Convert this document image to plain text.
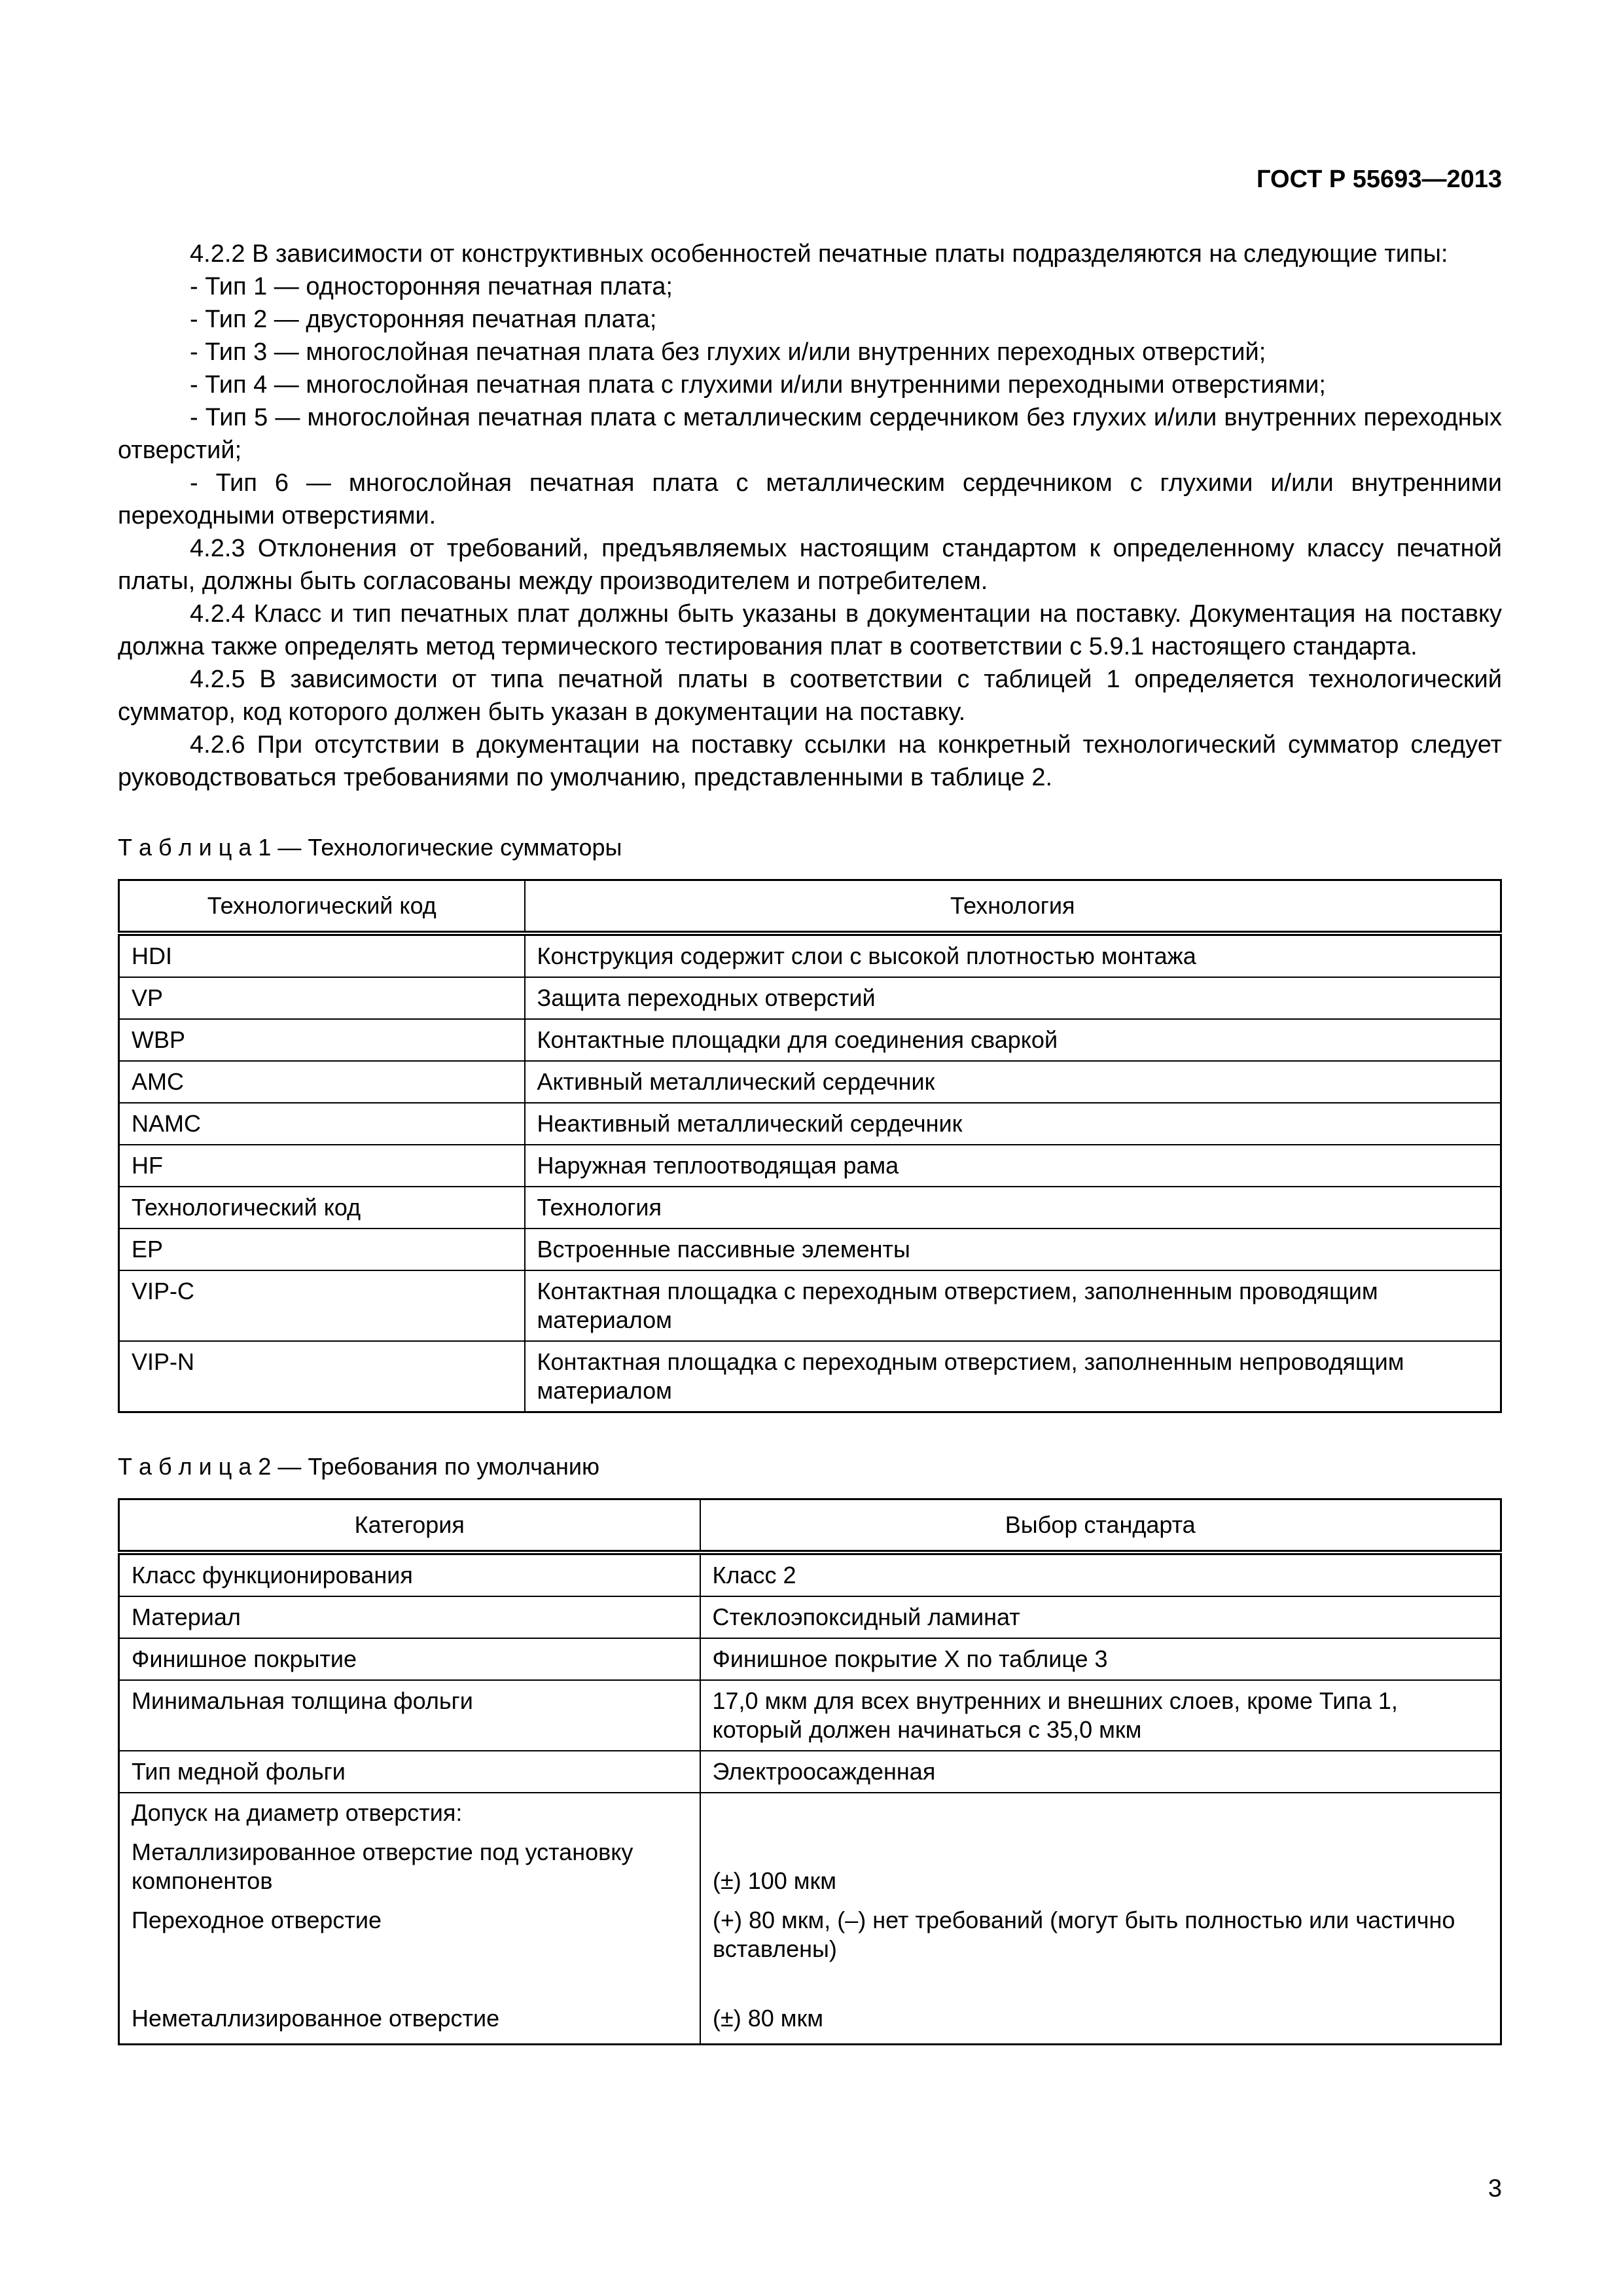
ГОСТ Р 55693—2013

4.2.2 В зависимости от конструктивных особенностей печатные платы подразделяются на следующие типы:

- Тип 1 — односторонняя печатная плата;

- Тип 2 — двусторонняя печатная плата;

- Тип 3 — многослойная печатная плата без глухих и/или внутренних переходных отверстий;

- Тип 4 — многослойная печатная плата с глухими и/или внутренними переходными отверстиями;

- Тип 5 — многослойная печатная плата с металлическим сердечником без глухих и/или внутренних переходных отверстий;

- Тип 6 — многослойная печатная плата с металлическим сердечником с глухими и/или внутренними переходными отверстиями.

4.2.3 Отклонения от требований, предъявляемых настоящим стандартом к определенному классу печатной платы, должны быть согласованы между производителем и потребителем.

4.2.4 Класс и тип печатных плат должны быть указаны в документации на поставку. Документация на поставку должна также определять метод термического тестирования плат в соответствии с 5.9.1 настоящего стандарта.

4.2.5 В зависимости от типа печатной платы в соответствии с таблицей 1 определяется технологический сумматор, код которого должен быть указан в документации на поставку.

4.2.6 При отсутствии в документации на поставку ссылки на конкретный технологический сумматор следует руководствоваться требованиями по умолчанию, представленными в таблице 2.

Т а б л и ц а 1 — Технологические сумматоры
Технологический код	Технология
HDI	Конструкция содержит слои с высокой плотностью монтажа
VP	Защита переходных отверстий
WBP	Контактные площадки для соединения сваркой
AMC	Активный металлический сердечник
NAMC	Неактивный металлический сердечник
HF	Наружная теплоотводящая рама
Технологический код	Технология
EP	Встроенные пассивные элементы
VIP-C	Контактная площадка с переходным отверстием, заполненным проводящим материалом
VIP-N	Контактная площадка с переходным отверстием, заполненным непроводящим материалом
Т а б л и ц а 2 — Требования по умолчанию
Категория	Выбор стандарта
Класс функционирования	Класс 2
Материал	Стеклоэпоксидный ламинат
Финишное покрытие	Финишное покрытие X по таблице 3
Минимальная толщина фольги	17,0 мкм для всех внутренних и внешних слоев, кроме Типа 1, который должен начинаться с 35,0 мкм
Тип медной фольги	Электроосажденная

Допуск на диаметр отверстия:
Металлизированное отверстие под установку компонентов	(±) 100 мкм
Переходное отверстие	(+) 80 мкм, (–) нет требований (могут быть полностью или частично вставлены)
Неметаллизированное отверстие	(±) 80 мкм
3
